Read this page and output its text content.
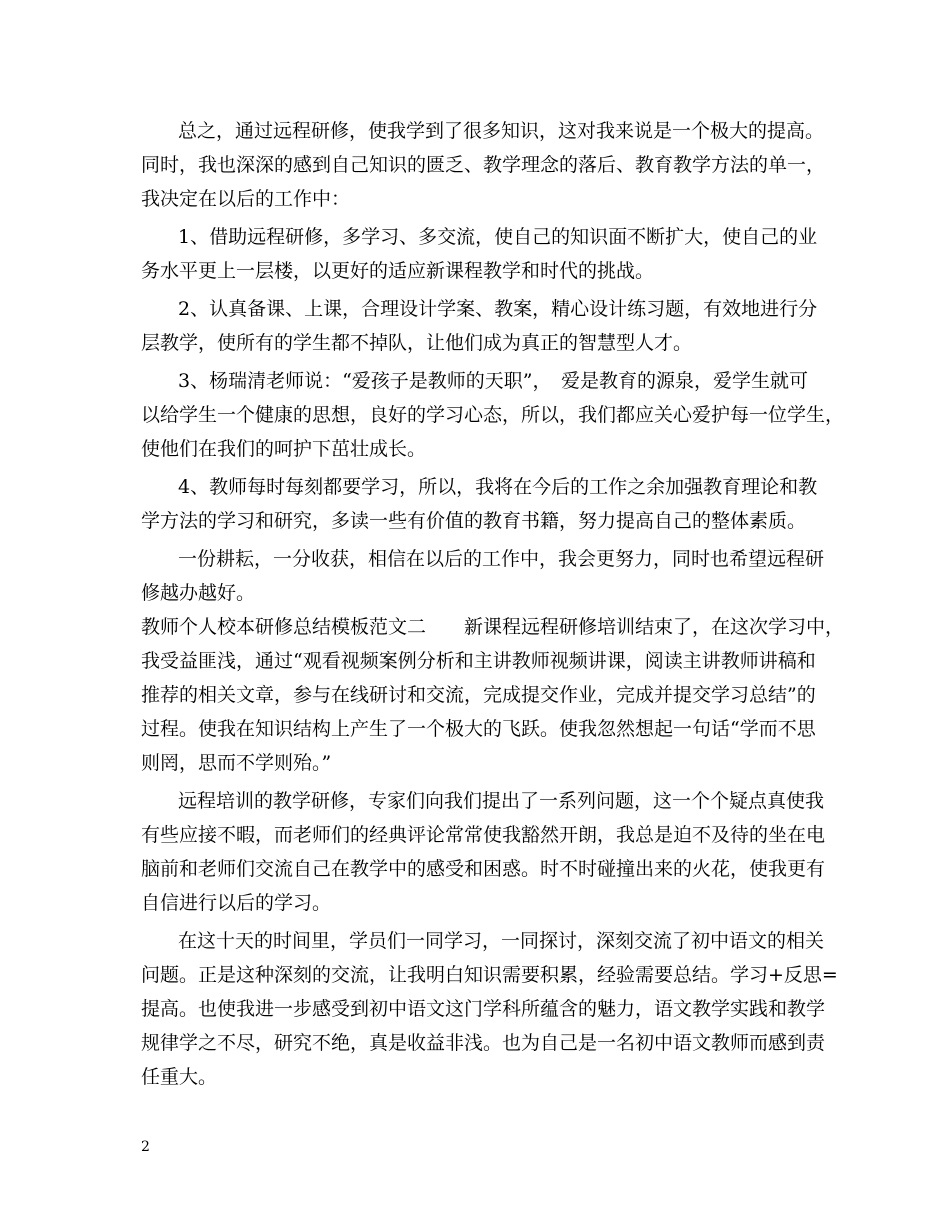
总之，通过远程研修，使我学到了很多知识，这对我来说是一个极大的提高。
同时，我也深深的感到自己知识的匮乏、教学理念的落后、教育教学方法的单一，
我决定在以后的工作中：
1、借助远程研修，多学习、多交流，使自己的知识面不断扩大，使自己的业
务水平更上一层楼，以更好的适应新课程教学和时代的挑战。
2、认真备课、上课，合理设计学案、教案，精心设计练习题，有效地进行分
层教学，使所有的学生都不掉队，让他们成为真正的智慧型人才。
3、杨瑞清老师说：“爱孩子是教师的天职”，　爱是教育的源泉，爱学生就可
以给学生一个健康的思想，良好的学习心态，所以，我们都应关心爱护每一位学生，
使他们在我们的呵护下茁壮成长。
4、教师每时每刻都要学习，所以，我将在今后的工作之余加强教育理论和教
学方法的学习和研究，多读一些有价值的教育书籍，努力提高自己的整体素质。
一份耕耘，一分收获，相信在以后的工作中，我会更努力，同时也希望远程研
修越办越好。
教师个人校本研修总结模板范文二　　新课程远程研修培训结束了，在这次学习中，
我受益匪浅，通过“观看视频案例分析和主讲教师视频讲课，阅读主讲教师讲稿和
推荐的相关文章，参与在线研讨和交流，完成提交作业，完成并提交学习总结”的
过程。使我在知识结构上产生了一个极大的飞跃。使我忽然想起一句话“学而不思
则罔，思而不学则殆。”
远程培训的教学研修，专家们向我们提出了一系列问题，这一个个疑点真使我
有些应接不暇，而老师们的经典评论常常使我豁然开朗，我总是迫不及待的坐在电
脑前和老师们交流自己在教学中的感受和困惑。时不时碰撞出来的火花，使我更有
自信进行以后的学习。
在这十天的时间里，学员们一同学习，一同探讨，深刻交流了初中语文的相关
问题。正是这种深刻的交流，让我明白知识需要积累，经验需要总结。学习+反思=
提高。也使我进一步感受到初中语文这门学科所蕴含的魅力，语文教学实践和教学
规律学之不尽，研究不绝，真是收益非浅。也为自己是一名初中语文教师而感到责
任重大。
2
